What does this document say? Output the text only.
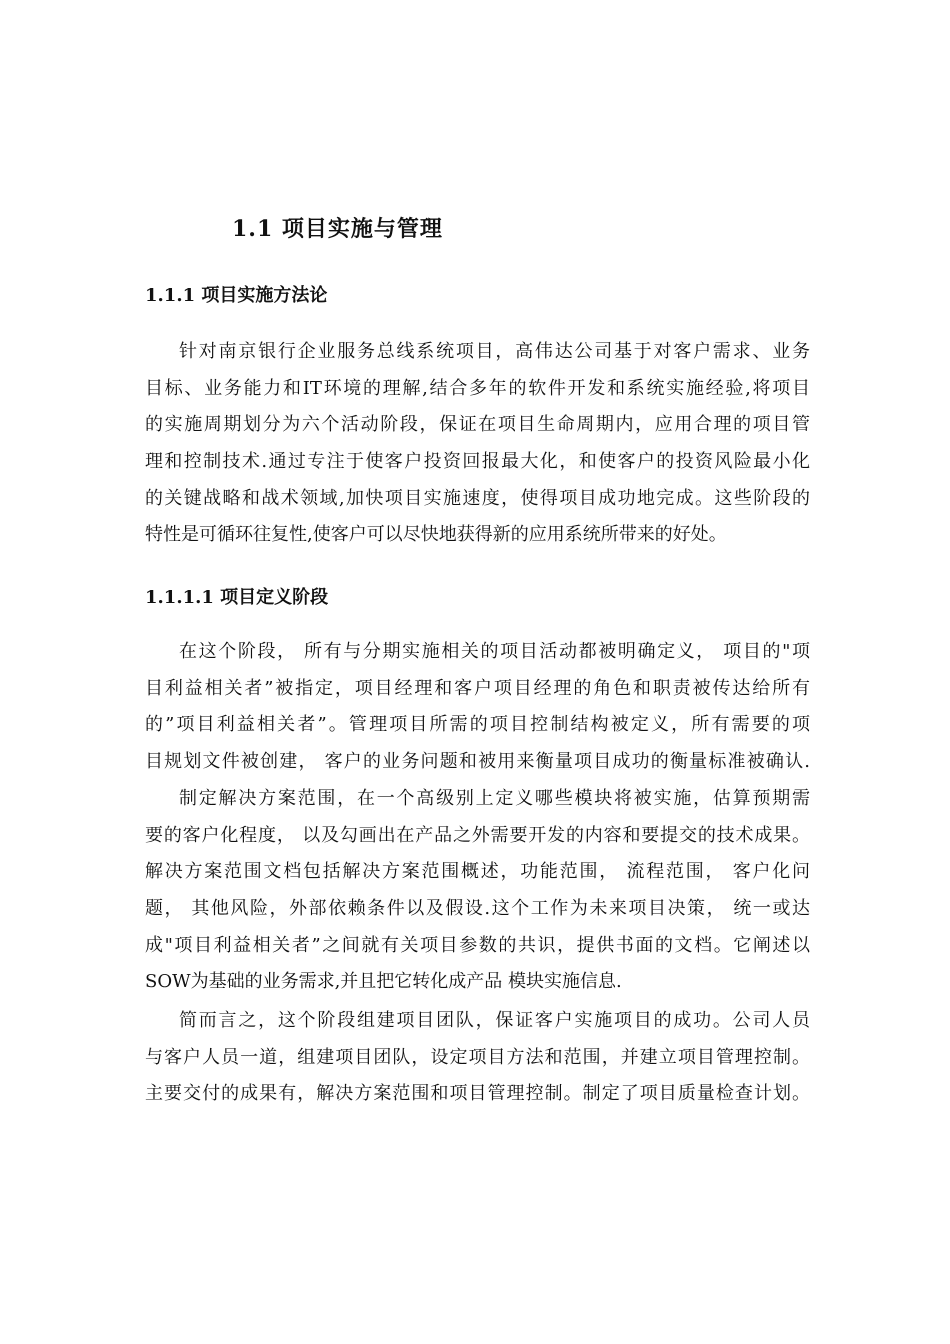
1.1 项目实施与管理
1.1.1 项目实施方法论
针对南京银行企业服务总线系统项目，高伟达公司基于对客户需求、业务
目标、业务能力和IT环境的理解,结合多年的软件开发和系统实施经验,将项目
的实施周期划分为六个活动阶段，保证在项目生命周期内，应用合理的项目管
理和控制技术.通过专注于使客户投资回报最大化，和使客户的投资风险最小化
的关键战略和战术领域,加快项目实施速度，使得项目成功地完成。这些阶段的
特性是可循环往复性,使客户可以尽快地获得新的应用系统所带来的好处。
1.1.1.1 项目定义阶段
在这个阶段， 所有与分期实施相关的项目活动都被明确定义， 项目的"项
目利益相关者”被指定，项目经理和客户项目经理的角色和职责被传达给所有
的”项目利益相关者”。管理项目所需的项目控制结构被定义，所有需要的项
目规划文件被创建， 客户的业务问题和被用来衡量项目成功的衡量标准被确认.
制定解决方案范围，在一个高级别上定义哪些模块将被实施，估算预期需
要的客户化程度， 以及勾画出在产品之外需要开发的内容和要提交的技术成果。
解决方案范围文档包括解决方案范围概述，功能范围， 流程范围， 客户化问
题， 其他风险，外部依赖条件以及假设.这个工作为未来项目决策， 统一或达
成"项目利益相关者”之间就有关项目参数的共识，提供书面的文档。它阐述以
SOW为基础的业务需求,并且把它转化成产品 模块实施信息.
简而言之，这个阶段组建项目团队，保证客户实施项目的成功。公司人员
与客户人员一道，组建项目团队，设定项目方法和范围，并建立项目管理控制。
主要交付的成果有，解决方案范围和项目管理控制。制定了项目质量检查计划。
